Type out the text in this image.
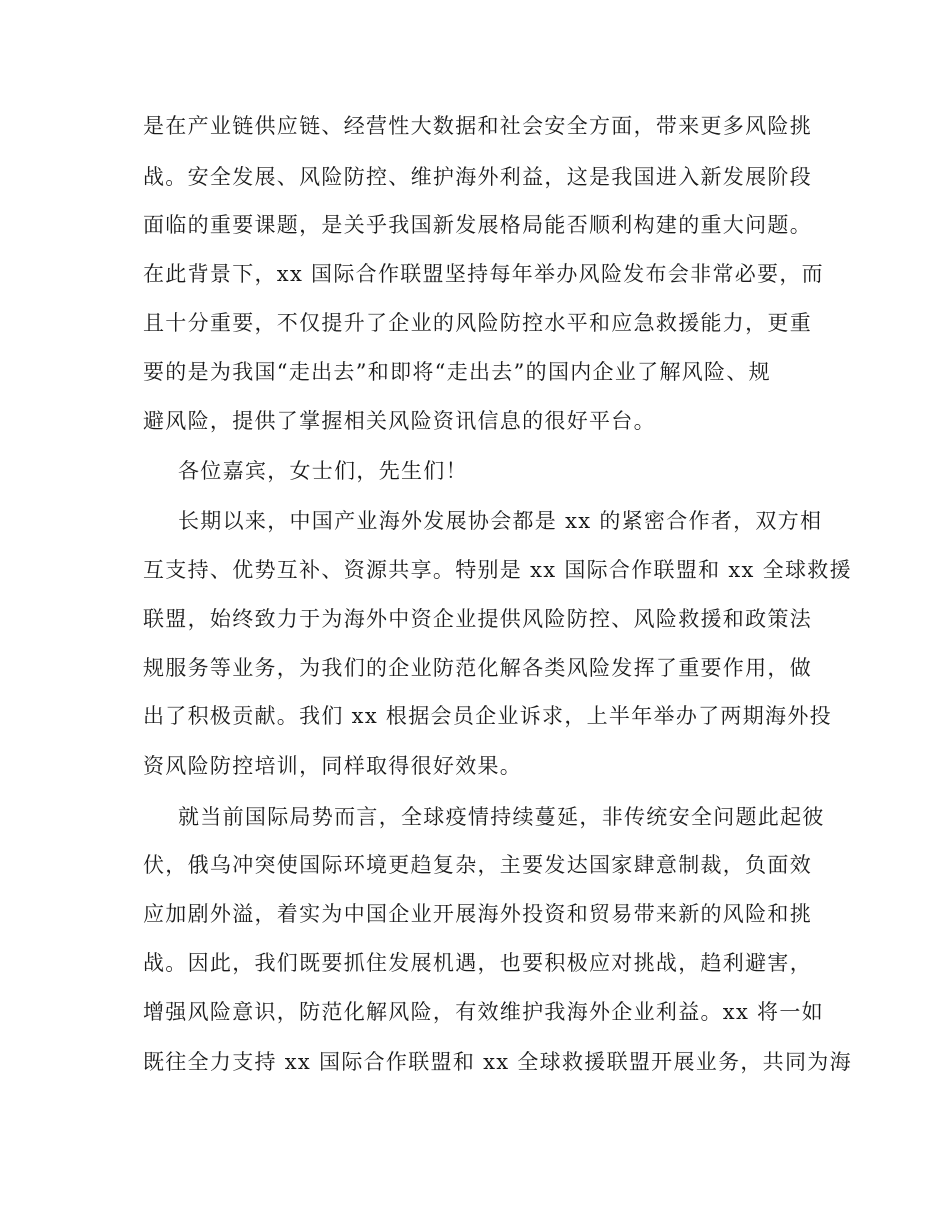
是在产业链供应链、经营性大数据和社会安全方面，带来更多风险挑
战。安全发展、风险防控、维护海外利益，这是我国进入新发展阶段
面临的重要课题，是关乎我国新发展格局能否顺利构建的重大问题。
在此背景下，xx 国际合作联盟坚持每年举办风险发布会非常必要，而
且十分重要，不仅提升了企业的风险防控水平和应急救援能力，更重
要的是为我国“走出去”和即将“走出去”的国内企业了解风险、规
避风险，提供了掌握相关风险资讯信息的很好平台。
各位嘉宾，女士们，先生们！
长期以来，中国产业海外发展协会都是 xx 的紧密合作者，双方相
互支持、优势互补、资源共享。特别是 xx 国际合作联盟和 xx 全球救援
联盟，始终致力于为海外中资企业提供风险防控、风险救援和政策法
规服务等业务，为我们的企业防范化解各类风险发挥了重要作用，做
出了积极贡献。我们 xx 根据会员企业诉求，上半年举办了两期海外投
资风险防控培训，同样取得很好效果。
就当前国际局势而言，全球疫情持续蔓延，非传统安全问题此起彼
伏，俄乌冲突使国际环境更趋复杂，主要发达国家肆意制裁，负面效
应加剧外溢，着实为中国企业开展海外投资和贸易带来新的风险和挑
战。因此，我们既要抓住发展机遇，也要积极应对挑战，趋利避害，
增强风险意识，防范化解风险，有效维护我海外企业利益。xx 将一如
既往全力支持 xx 国际合作联盟和 xx 全球救援联盟开展业务，共同为海
